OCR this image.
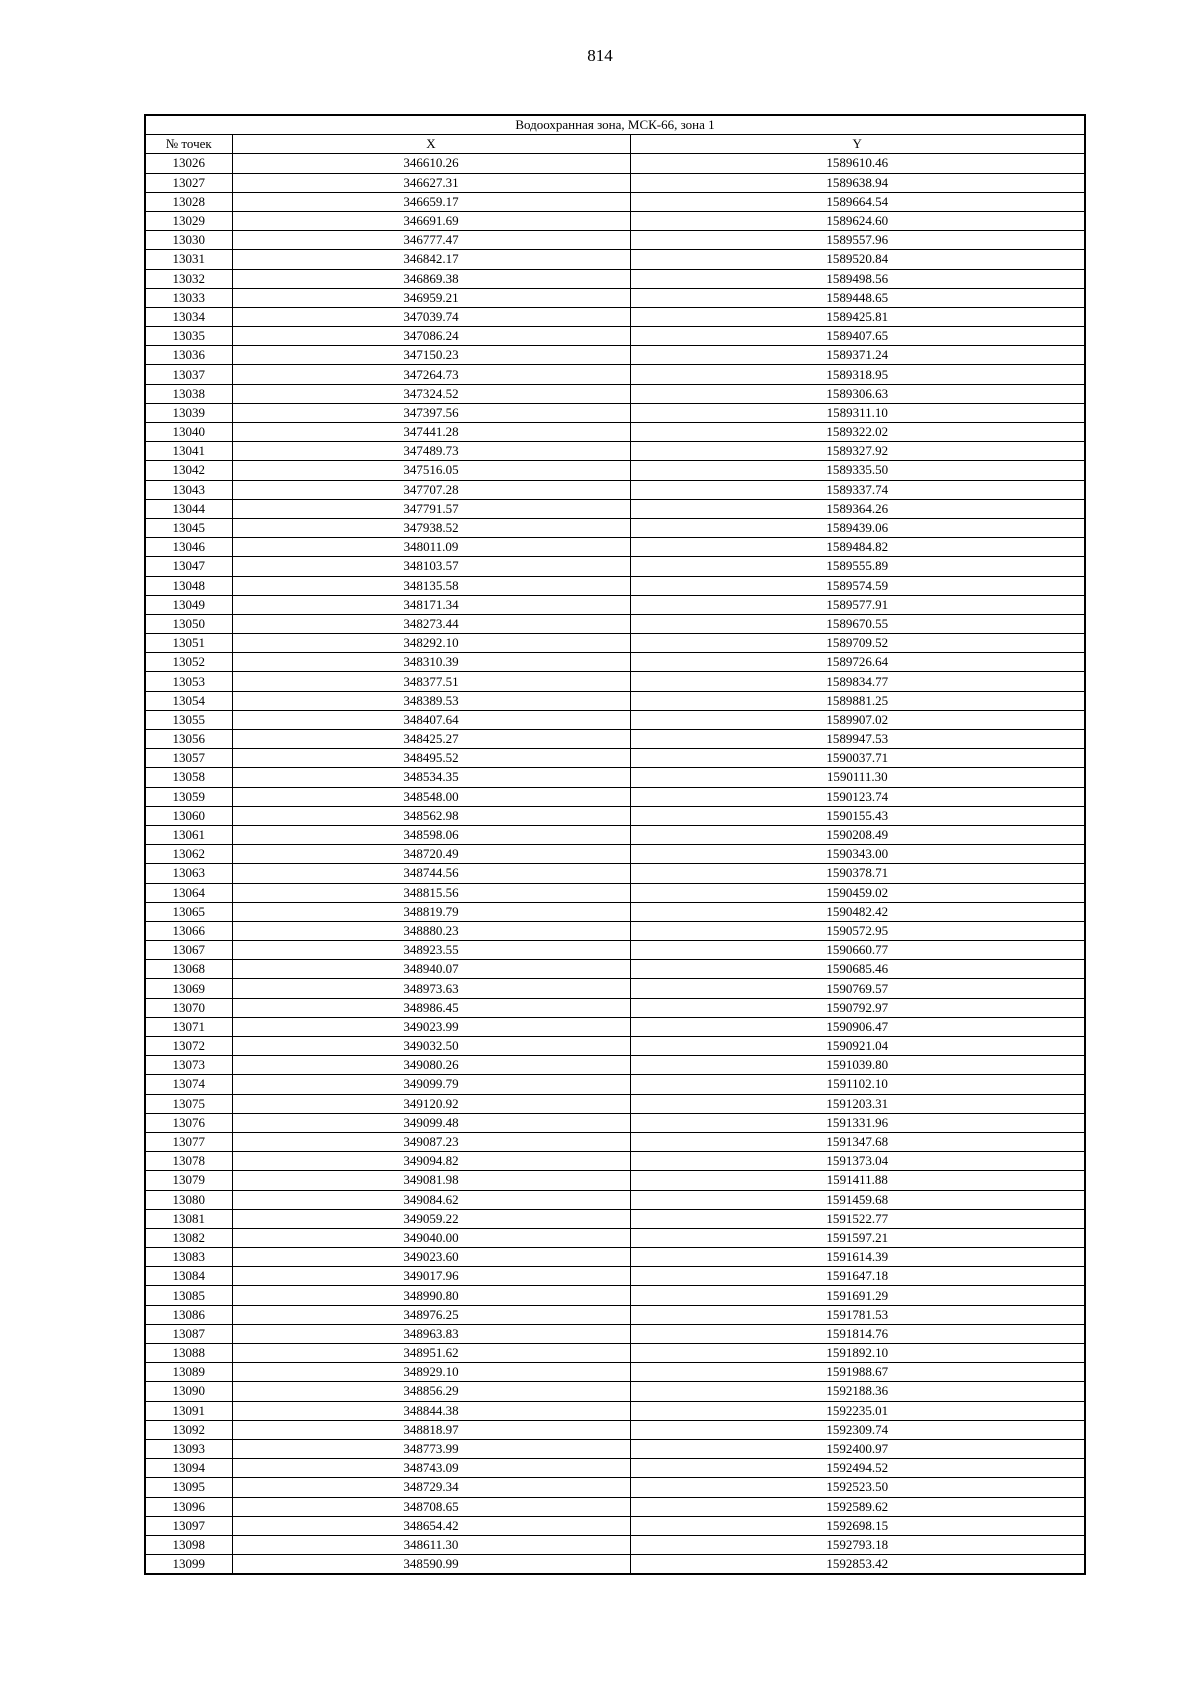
814
Водоохранная зона, МСК-66, зона 1		
№ точек	X	Y
13026	346610.26	1589610.46
13027	346627.31	1589638.94
13028	346659.17	1589664.54
13029	346691.69	1589624.60
13030	346777.47	1589557.96
13031	346842.17	1589520.84
13032	346869.38	1589498.56
13033	346959.21	1589448.65
13034	347039.74	1589425.81
13035	347086.24	1589407.65
13036	347150.23	1589371.24
13037	347264.73	1589318.95
13038	347324.52	1589306.63
13039	347397.56	1589311.10
13040	347441.28	1589322.02
13041	347489.73	1589327.92
13042	347516.05	1589335.50
13043	347707.28	1589337.74
13044	347791.57	1589364.26
13045	347938.52	1589439.06
13046	348011.09	1589484.82
13047	348103.57	1589555.89
13048	348135.58	1589574.59
13049	348171.34	1589577.91
13050	348273.44	1589670.55
13051	348292.10	1589709.52
13052	348310.39	1589726.64
13053	348377.51	1589834.77
13054	348389.53	1589881.25
13055	348407.64	1589907.02
13056	348425.27	1589947.53
13057	348495.52	1590037.71
13058	348534.35	1590111.30
13059	348548.00	1590123.74
13060	348562.98	1590155.43
13061	348598.06	1590208.49
13062	348720.49	1590343.00
13063	348744.56	1590378.71
13064	348815.56	1590459.02
13065	348819.79	1590482.42
13066	348880.23	1590572.95
13067	348923.55	1590660.77
13068	348940.07	1590685.46
13069	348973.63	1590769.57
13070	348986.45	1590792.97
13071	349023.99	1590906.47
13072	349032.50	1590921.04
13073	349080.26	1591039.80
13074	349099.79	1591102.10
13075	349120.92	1591203.31
13076	349099.48	1591331.96
13077	349087.23	1591347.68
13078	349094.82	1591373.04
13079	349081.98	1591411.88
13080	349084.62	1591459.68
13081	349059.22	1591522.77
13082	349040.00	1591597.21
13083	349023.60	1591614.39
13084	349017.96	1591647.18
13085	348990.80	1591691.29
13086	348976.25	1591781.53
13087	348963.83	1591814.76
13088	348951.62	1591892.10
13089	348929.10	1591988.67
13090	348856.29	1592188.36
13091	348844.38	1592235.01
13092	348818.97	1592309.74
13093	348773.99	1592400.97
13094	348743.09	1592494.52
13095	348729.34	1592523.50
13096	348708.65	1592589.62
13097	348654.42	1592698.15
13098	348611.30	1592793.18
13099	348590.99	1592853.42
